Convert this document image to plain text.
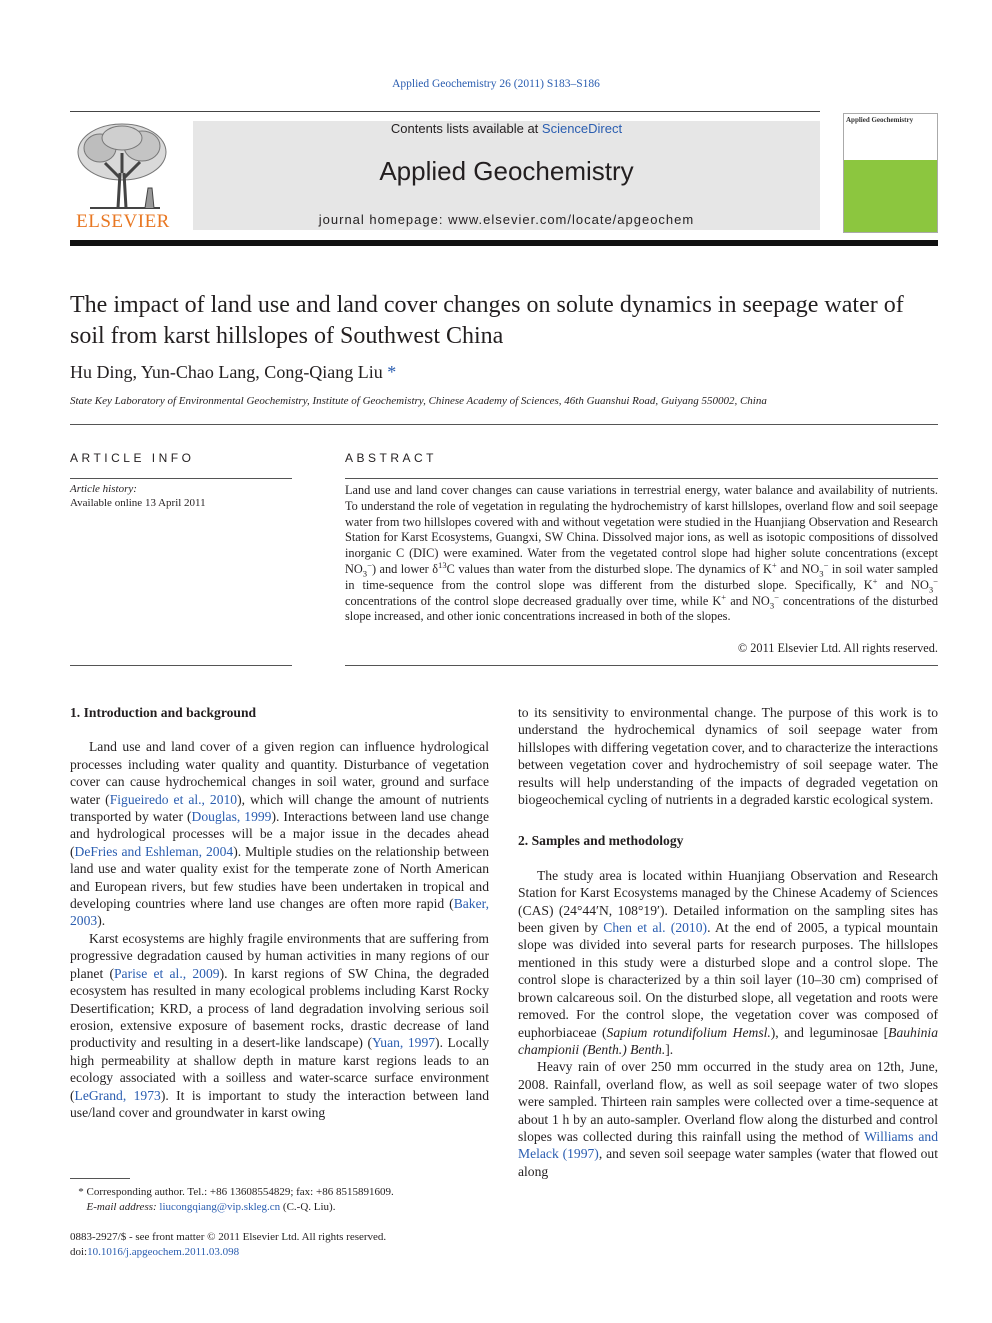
Applied Geochemistry 26 (2011) S183–S186
ELSEVIER
Contents lists available at ScienceDirect
Applied Geochemistry
journal homepage: www.elsevier.com/locate/apgeochem
Applied Geochemistry
The impact of land use and land cover changes on solute dynamics in seepage water of soil from karst hillslopes of Southwest China
Hu Ding, Yun-Chao Lang, Cong-Qiang Liu *
State Key Laboratory of Environmental Geochemistry, Institute of Geochemistry, Chinese Academy of Sciences, 46th Guanshui Road, Guiyang 550002, China
ARTICLE INFO
Article history:
Available online 13 April 2011
ABSTRACT
Land use and land cover changes can cause variations in terrestrial energy, water balance and availability of nutrients. To understand the role of vegetation in regulating the hydrochemistry of karst hillslopes, overland flow and soil seepage water from two hillslopes covered with and without vegetation were studied in the Huanjiang Observation and Research Station for Karst Ecosystems, Guangxi, SW China. Dissolved major ions, as well as isotopic compositions of dissolved inorganic C (DIC) were examined. Water from the vegetated control slope had higher solute concentrations (except $NO_3^-$) and lower $\delta^{13}C$ values than water from the disturbed slope. The dynamics of K+ and $NO_3^-$ in soil water sampled in time-sequence from the control slope was different from the disturbed slope. Specifically, K+ and $NO_3^-$ concentrations of the control slope decreased gradually over time, while K+ and $NO_3^-$ concentrations of the disturbed slope increased, and other ionic concentrations increased in both of the slopes.
© 2011 Elsevier Ltd. All rights reserved.
1. Introduction and background

Land use and land cover of a given region can influence hydrological processes including water quality and quantity. Disturbance of vegetation cover can cause hydrochemical changes in soil water, ground and surface water (Figueiredo et al., 2010), which will change the amount of nutrients transported by water (Douglas, 1999). Interactions between land use change and hydrological processes will be a major issue in the decades ahead (DeFries and Eshleman, 2004). Multiple studies on the relationship between land use and water quality exist for the temperate zone of North American and European rivers, but few studies have been undertaken in tropical and developing countries where land use changes are often more rapid (Baker, 2003).

Karst ecosystems are highly fragile environments that are suffering from progressive degradation caused by human activities in many regions of our planet (Parise et al., 2009). In karst regions of SW China, the degraded ecosystem has resulted in many ecological problems including Karst Rocky Desertification; KRD, a process of land degradation involving serious soil erosion, extensive exposure of basement rocks, drastic decrease of land productivity and resulting in a desert-like landscape) (Yuan, 1997). Locally high permeability at shallow depth in mature karst regions leads to an ecology associated with a soilless and water-scarce surface environment (LeGrand, 1973). It is important to study the interaction between land use/land cover and groundwater in karst owing

* Corresponding author. Tel.: +86 13608554829; fax: +86 8515891609.
E-mail address: liucongqiang@vip.skleg.cn (C.-Q. Liu).
0883-2927/$ - see front matter © 2011 Elsevier Ltd. All rights reserved.
doi:10.1016/j.apgeochem.2011.03.098

to its sensitivity to environmental change. The purpose of this work is to understand the hydrochemical dynamics of soil seepage water from hillslopes with differing vegetation cover, and to characterize the interactions between vegetation cover and hydrochemistry of soil seepage water. The results will help understanding of the impacts of degraded vegetation on biogeochemical cycling of nutrients in a degraded karstic ecological system.

2. Samples and methodology

The study area is located within Huanjiang Observation and Research Station for Karst Ecosystems managed by the Chinese Academy of Sciences (CAS) (24°44′N, 108°19′). Detailed information on the sampling sites has been given by Chen et al. (2010). At the end of 2005, a typical mountain slope was divided into several parts for research purposes. The hillslopes mentioned in this study were a disturbed slope and a control slope. The control slope is characterized by a thin soil layer (10–30 cm) comprised of brown calcareous soil. On the disturbed slope, all vegetation and roots were removed. For the control slope, the vegetation cover was composed of euphorbiaceae (Sapium rotundifolium Hemsl.), and leguminosae [Bauhinia championii (Benth.) Benth.].

Heavy rain of over 250 mm occurred in the study area on 12th, June, 2008. Rainfall, overland flow, as well as soil seepage water of two slopes were sampled. Thirteen rain samples were collected over a time-sequence at about 1 h by an auto-sampler. Overland flow along the disturbed and control slopes was collected during this rainfall using the method of Williams and Melack (1997), and seven soil seepage water samples (water that flowed out along
